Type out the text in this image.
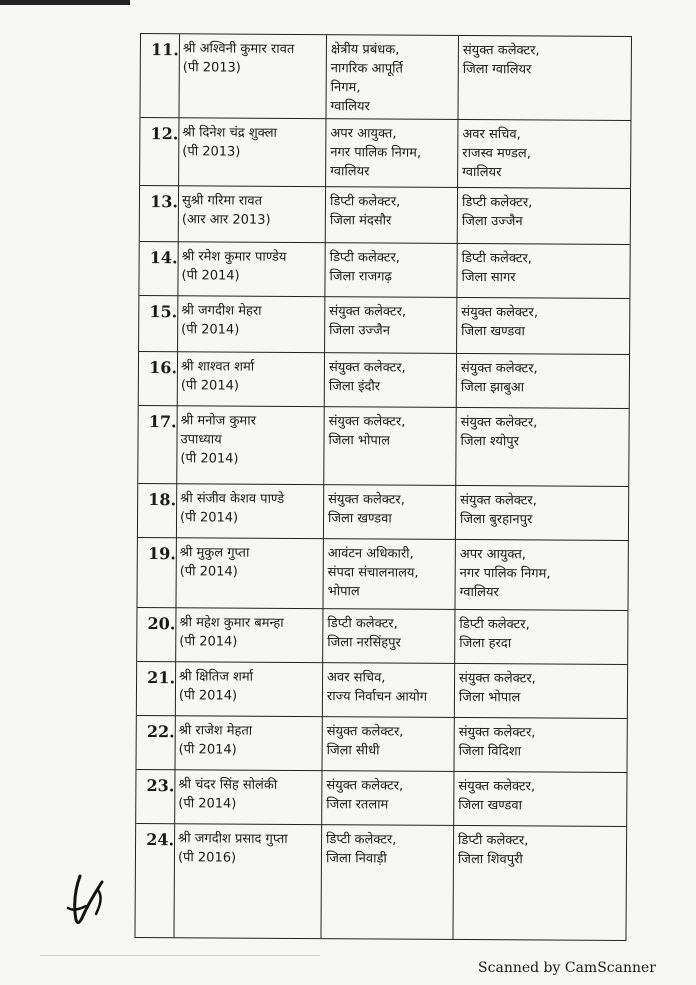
11. श्री अश्विनी कुमार रावत
(पी 2013)
क्षेत्रीय प्रबंधक,
नागरिक आपूर्ति
निगम,
ग्वालियर
संयुक्त कलेक्टर,
जिला ग्वालियर
12. श्री दिनेश चंद्र शुक्ला
(पी 2013)
अपर आयुक्त,
नगर पालिक निगम,
ग्वालियर
अवर सचिव,
राजस्व मण्डल,
ग्वालियर
13. सुश्री गरिमा रावत
(आर आर 2013)
डिप्टी कलेक्टर,
जिला मंदसौर
डिप्टी कलेक्टर,
जिला उज्जैन
14. श्री रमेश कुमार पाण्डेय
(पी 2014)
डिप्टी कलेक्टर,
जिला राजगढ़
डिप्टी कलेक्टर,
जिला सागर
15. श्री जगदीश मेहरा
(पी 2014)
संयुक्त कलेक्टर,
जिला उज्जैन
संयुक्त कलेक्टर,
जिला खण्डवा
16. श्री शाश्वत शर्मा
(पी 2014)
संयुक्त कलेक्टर,
जिला इंदौर
संयुक्त कलेक्टर,
जिला झाबुआ
17. श्री मनोज कुमार
उपाध्याय
(पी 2014)
संयुक्त कलेक्टर,
जिला भोपाल
संयुक्त कलेक्टर,
जिला श्योपुर
18. श्री संजीव केशव पाण्डे
(पी 2014)
संयुक्त कलेक्टर,
जिला खण्डवा
संयुक्त कलेक्टर,
जिला बुरहानपुर
19. श्री मुकुल गुप्ता
(पी 2014)
आवंटन अधिकारी,
संपदा संचालनालय,
भोपाल
अपर आयुक्त,
नगर पालिक निगम,
ग्वालियर
20. श्री महेश कुमार बमन्हा
(पी 2014)
डिप्टी कलेक्टर,
जिला नरसिंहपुर
डिप्टी कलेक्टर,
जिला हरदा
21. श्री क्षितिज शर्मा
(पी 2014)
अवर सचिव,
राज्य निर्वाचन आयोग
संयुक्त कलेक्टर,
जिला भोपाल
22. श्री राजेश मेहता
(पी 2014)
संयुक्त कलेक्टर,
जिला सीधी
संयुक्त कलेक्टर,
जिला विदिशा
23. श्री चंदर सिंह सोलंकी
(पी 2014)
संयुक्त कलेक्टर,
जिला रतलाम
संयुक्त कलेक्टर,
जिला खण्डवा
24. श्री जगदीश प्रसाद गुप्ता
(पी 2016)
डिप्टी कलेक्टर,
जिला निवाड़ी
डिप्टी कलेक्टर,
जिला शिवपुरी
Scanned by CamScanner
